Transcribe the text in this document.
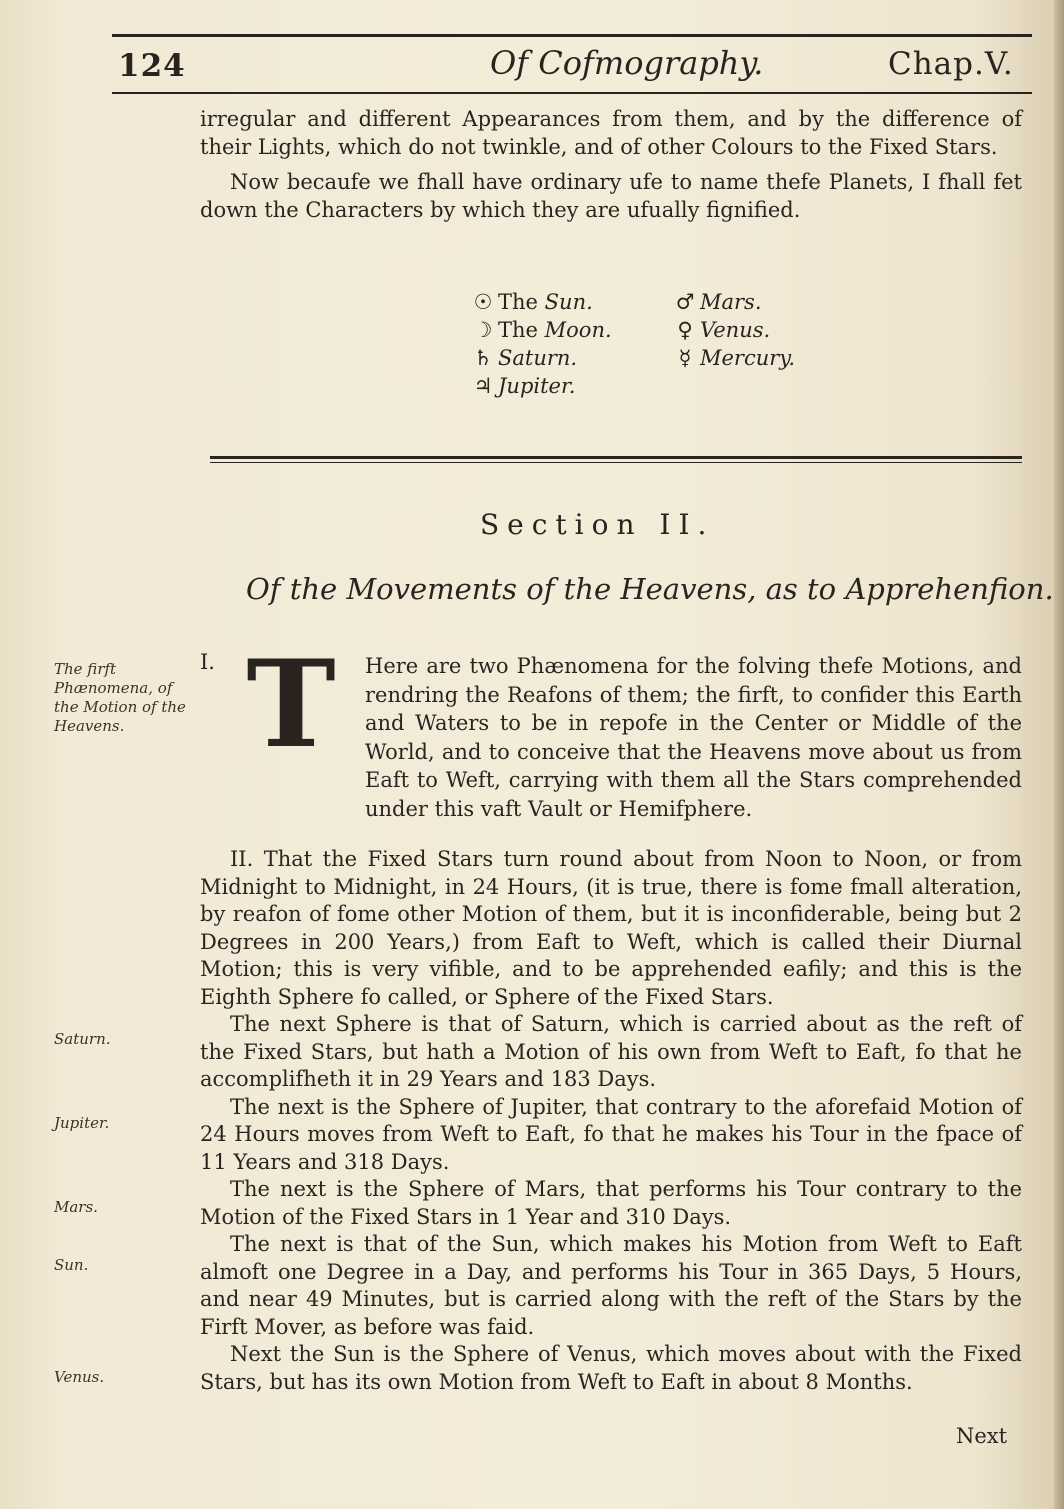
124	Of Cofmography.	Chap.V.

irregular and different Appearances from them, and by the difference of their Lights, which do not twinkle, and of other Colours to the Fixed Stars.

Now becaufe we fhall have ordinary ufe to name thefe Planets, I fhall fet down the Characters by which they are ufually fignified.

☉ The
Sun.
☽ The
Moon.
♄ Saturn.
♃ Jupiter.
♂ Mars.
♀ Venus.
☿ Mercury.
Section II.
Of the Movements of the Heavens, as to Apprehenfion.
The firft Phænomena, of the Motion of the Heavens.
Saturn.
Jupiter.
Mars.
Sun.
Venus.
Here are two Phænomena for the folving thefe Motions, and rendring the Reafons of them; the firft, to confider this Earth and Waters to be in repofe in the Center or Middle of the World, and to conceive that the Heavens move about us from Eaft to Weft, carrying with them all the Stars comprehended under this vaft Vault or Hemifphere.
I. T

II. That the Fixed Stars turn round about from Noon to Noon, or from Midnight to Midnight, in 24 Hours, (it is true, there is fome fmall alteration, by reafon of fome other Motion of them, but it is inconfiderable, being but 2 Degrees in 200 Years,) from Eaft to Weft, which is called their Diurnal Motion; this is very vifible, and to be apprehended eafily; and this is the Eighth Sphere fo called, or Sphere of the Fixed Stars.

The next Sphere is that of Saturn, which is carried about as the reft of the Fixed Stars, but hath a Motion of his own from Weft to Eaft, fo that he accomplifheth it in 29 Years and 183 Days.

The next is the Sphere of Jupiter, that contrary to the aforefaid Motion of 24 Hours moves from Weft to Eaft, fo that he makes his Tour in the fpace of 11 Years and 318 Days.

The next is the Sphere of Mars, that performs his Tour contrary to the Motion of the Fixed Stars in 1 Year and 310 Days.

The next is that of the Sun, which makes his Motion from Weft to Eaft almoft one Degree in a Day, and performs his Tour in 365 Days, 5 Hours, and near 49 Minutes, but is carried along with the reft of the Stars by the Firft Mover, as before was faid.

Next the Sun is the Sphere of Venus, which moves about with the Fixed Stars, but has its own Motion from Weft to Eaft in about 8 Months.

Next
